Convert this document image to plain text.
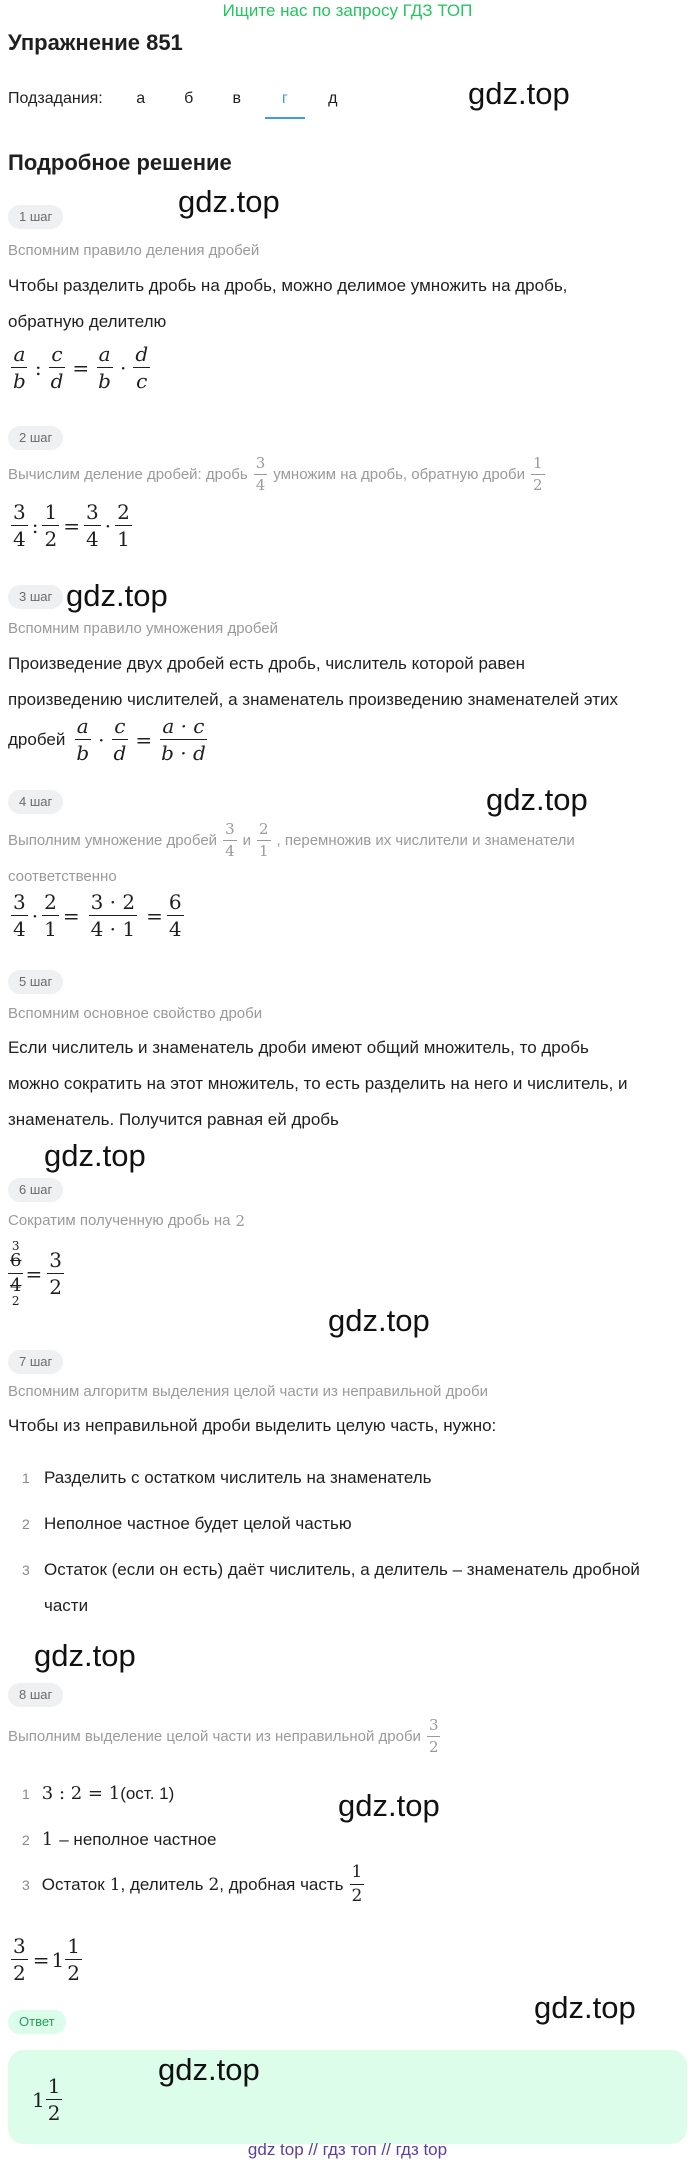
Ищите нас по запросу ГДЗ ТОП
Упражнение 851
Подзадания:	а	б	в	г	д
Подробное решение
1 шаг
Вспомним правило деления дробей
Чтобы разделить дробь на дробь, можно делимое умножить на дробь,
обратную делителю
a
b
: $\frac{c}{d} = \frac{a}{b}$ ·
d
c
2 шаг
Вычислим деление дробей: дробь
3
4
умножим на дробь, обратную дроби
1
2
3
4
: $\frac{1}{2} = \frac{3}{4}$ ·
2
1
3 шаг
Вспомним правило умножения дробей
Произведение двух дробей есть дробь, числитель которой равен
произведению числителей, а знаменатель произведению знаменателей этих
дробей
a
b
· $\frac{c}{d} = \frac{a \cdot c}{b \cdot d}$
4 шаг
Выполним умножение дробей
3
4
и
2
1
, перемножив их числители и знаменатели
соответственно
3
4
· $\frac{2}{1} = \frac{3 \cdot 2}{4 \cdot 1} = \frac{6}{4}$
5 шаг
Вспомним основное свойство дроби
Если числитель и знаменатель дроби имеют общий множитель, то дробь
можно сократить на этот множитель, то есть разделить на него и числитель, и
знаменатель. Получится равная ей дробь
6 шаг
Сократим полученную дробь на 2
3
6
4
2
= $\frac{3}{2}$
7 шаг
Вспомним алгоритм выделения целой части из неправильной дроби
Чтобы из неправильной дроби выделить целую часть, нужно:
1 Разделить с остатком числитель на знаменатель
2 Неполное частное будет целой частью
3 Остаток (если он есть) даёт числитель, а делитель – знаменатель дробной
части
8 шаг
Выполним выделение целой части из неправильной дроби
3
2
1 3 : 2 = 1 (ост. 1)
2 1 – неполное частное
3 Остаток 1 , делитель 2 , дробная часть
1
2
$\frac{3}{2} = 1$
1
2
Ответ
1
1
2
gdz.top
gdz.top
gdz.top
gdz.top
gdz.top
gdz.top
gdz.top
gdz.top
gdz.top
gdz.top
gdz top // гдз топ // гдз top
